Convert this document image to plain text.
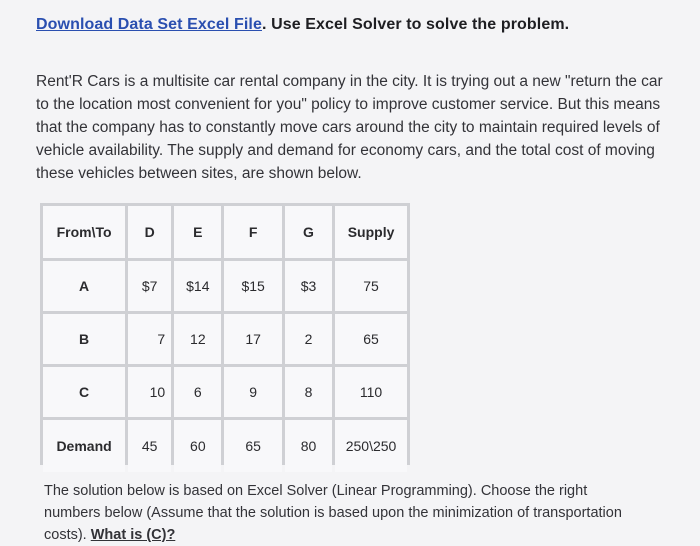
Download Data Set Excel File. Use Excel Solver to solve the problem.
Rent'R Cars is a multisite car rental company in the city. It is trying out a new "return the car to the location most convenient for you" policy to improve customer service. But this means that the company has to constantly move cars around the city to maintain required levels of vehicle availability. The supply and demand for economy cars, and the total cost of moving these vehicles between sites, are shown below.
From\To	D	E	F	G	Supply
A	$7	$14	$15	$3	75
B	7	12	17	2	65
C	10	6	9	8	110
Demand	45	60	65	80	250\250
The solution below is based on Excel Solver (Linear Programming). Choose the right numbers below (Assume that the solution is based upon the minimization of transportation costs). What is (C)?
